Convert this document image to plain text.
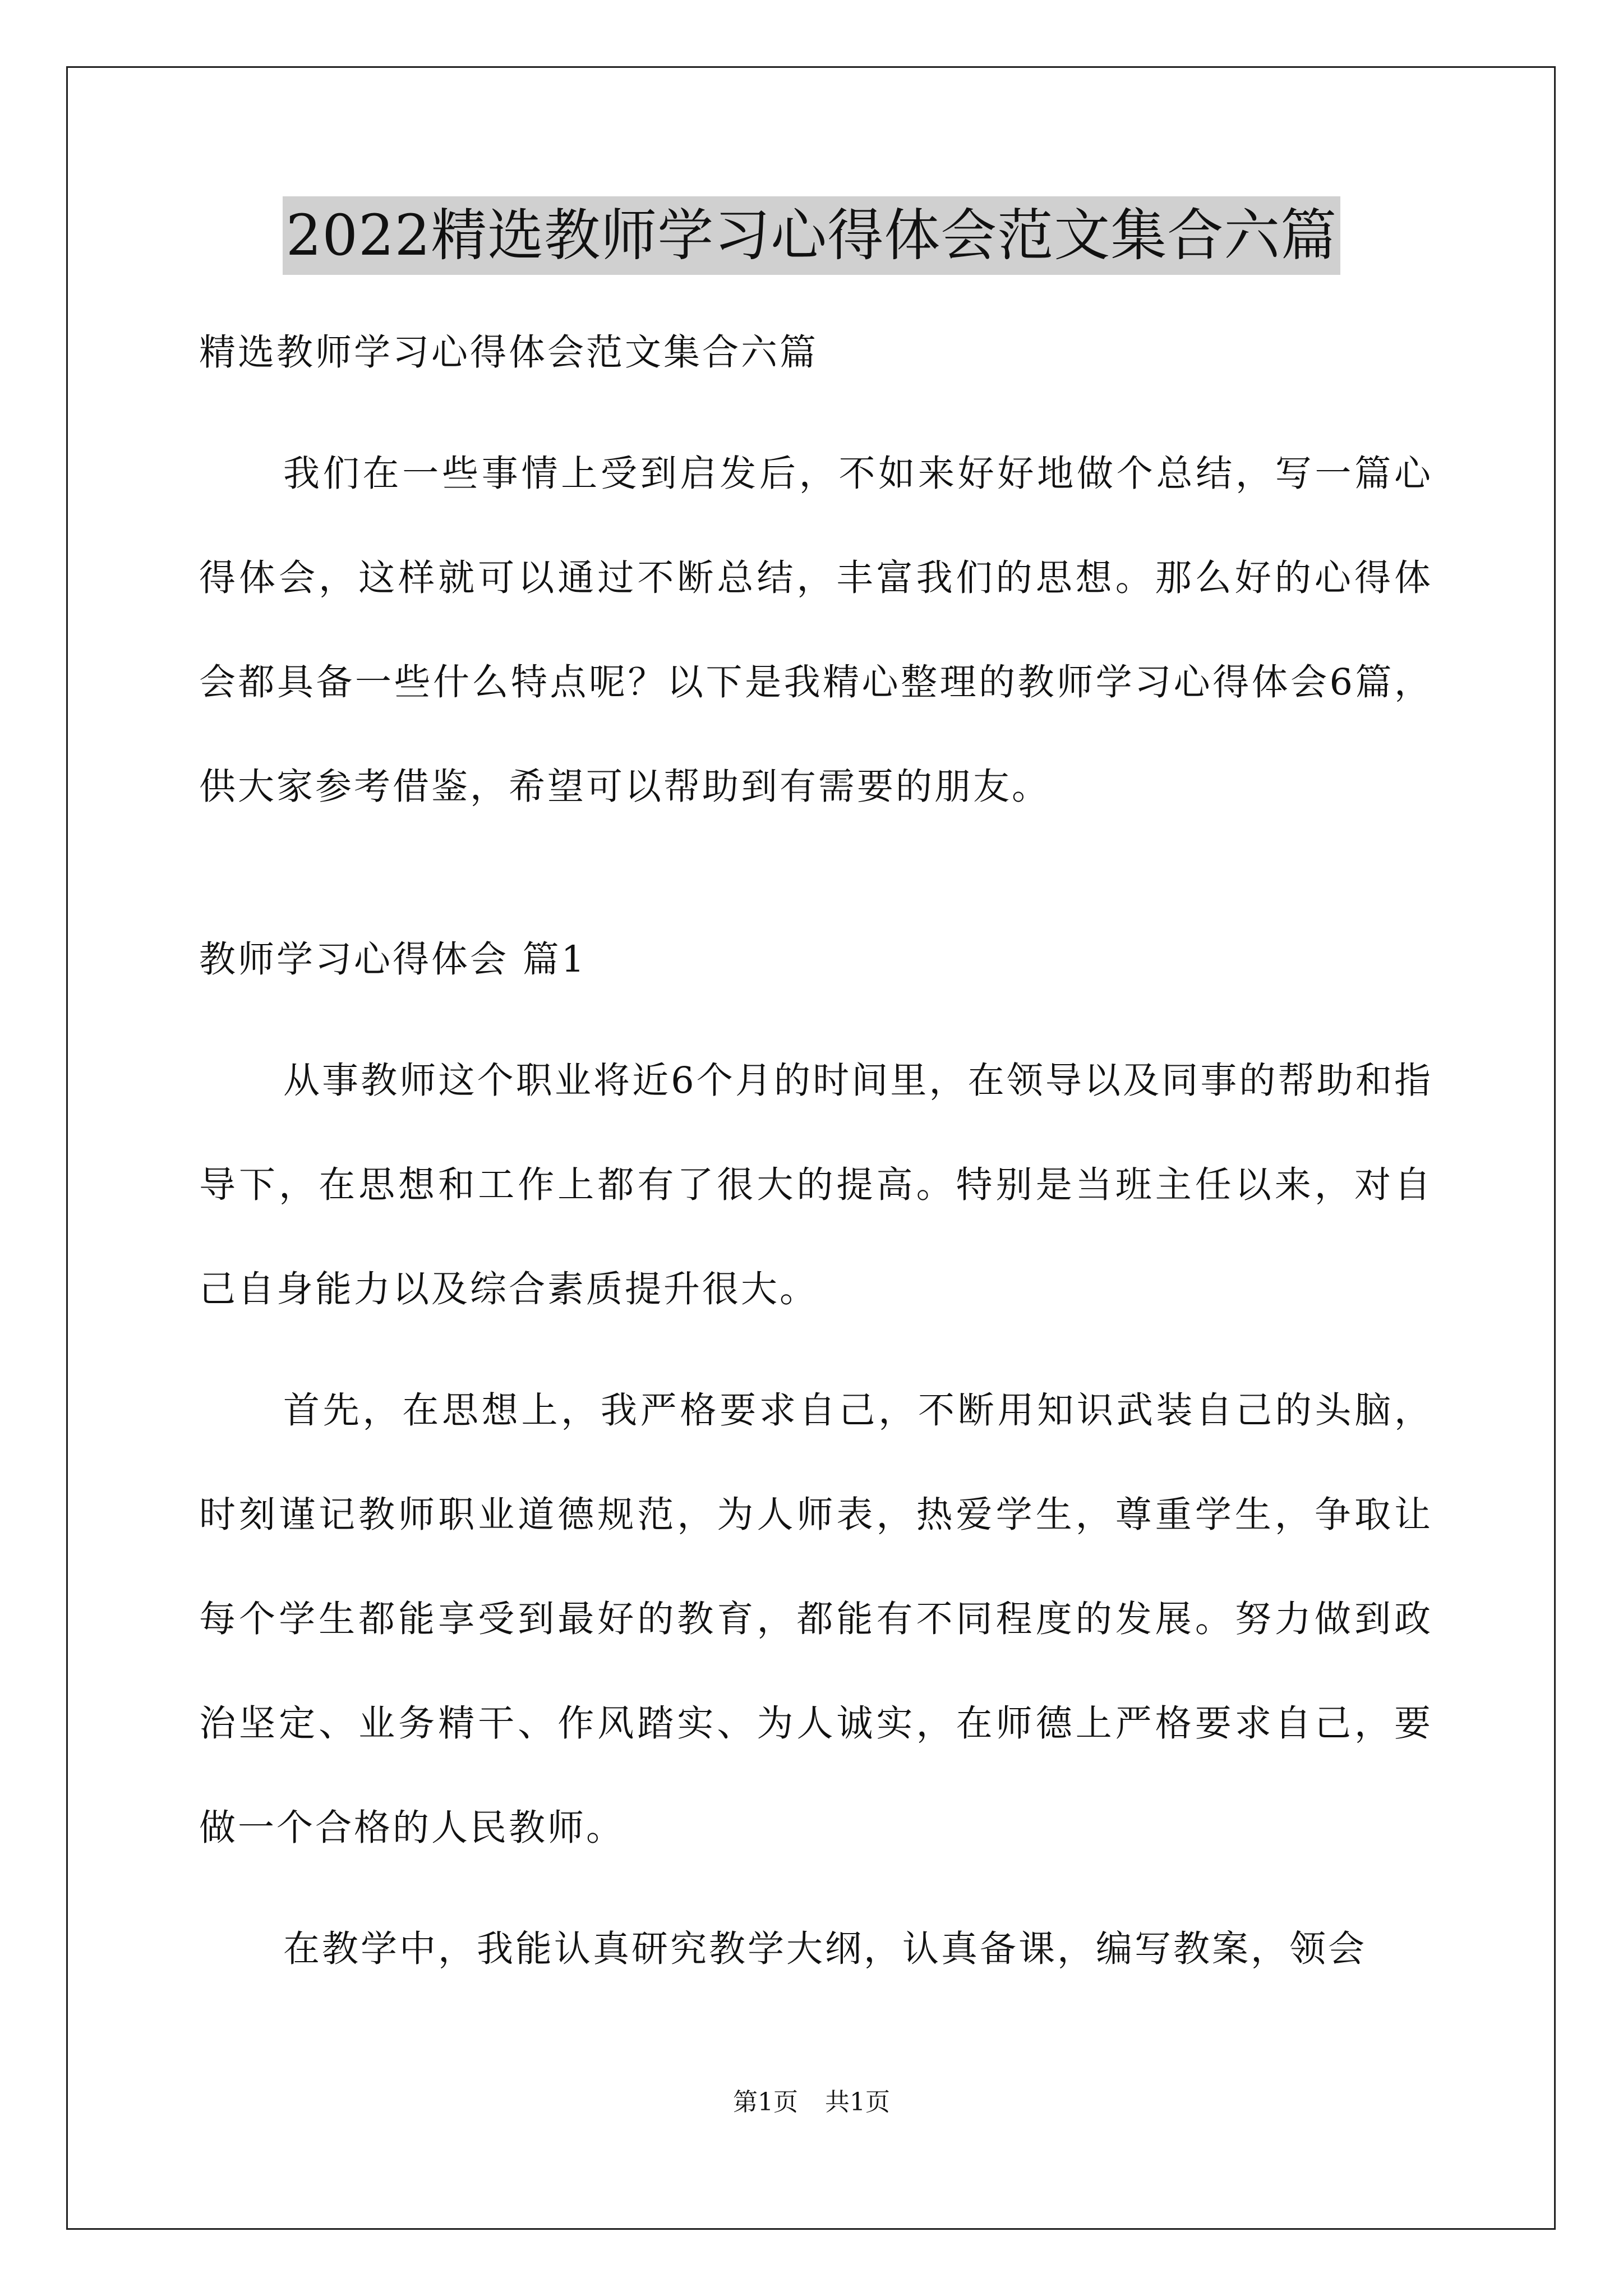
2022精选教师学习心得体会范文集合六篇

精选教师学习心得体会范文集合六篇

我们在一些事情上受到启发后，不如来好好地做个总结，写一篇心得体会，这样就可以通过不断总结，丰富我们的思想。那么好的心得体会都具备一些什么特点呢？以下是我精心整理的教师学习心得体会6篇，供大家参考借鉴，希望可以帮助到有需要的朋友。

教师学习心得体会 篇1

从事教师这个职业将近6个月的时间里，在领导以及同事的帮助和指导下，在思想和工作上都有了很大的提高。特别是当班主任以来，对自己自身能力以及综合素质提升很大。

首先，在思想上，我严格要求自己，不断用知识武装自己的头脑，时刻谨记教师职业道德规范，为人师表，热爱学生，尊重学生，争取让每个学生都能享受到最好的教育，都能有不同程度的发展。努力做到政治坚定、业务精干、作风踏实、为人诚实，在师德上严格要求自己，要做一个合格的人民教师。

在教学中，我能认真研究教学大纲，认真备课，编写教案，领会

第1页 共1页
